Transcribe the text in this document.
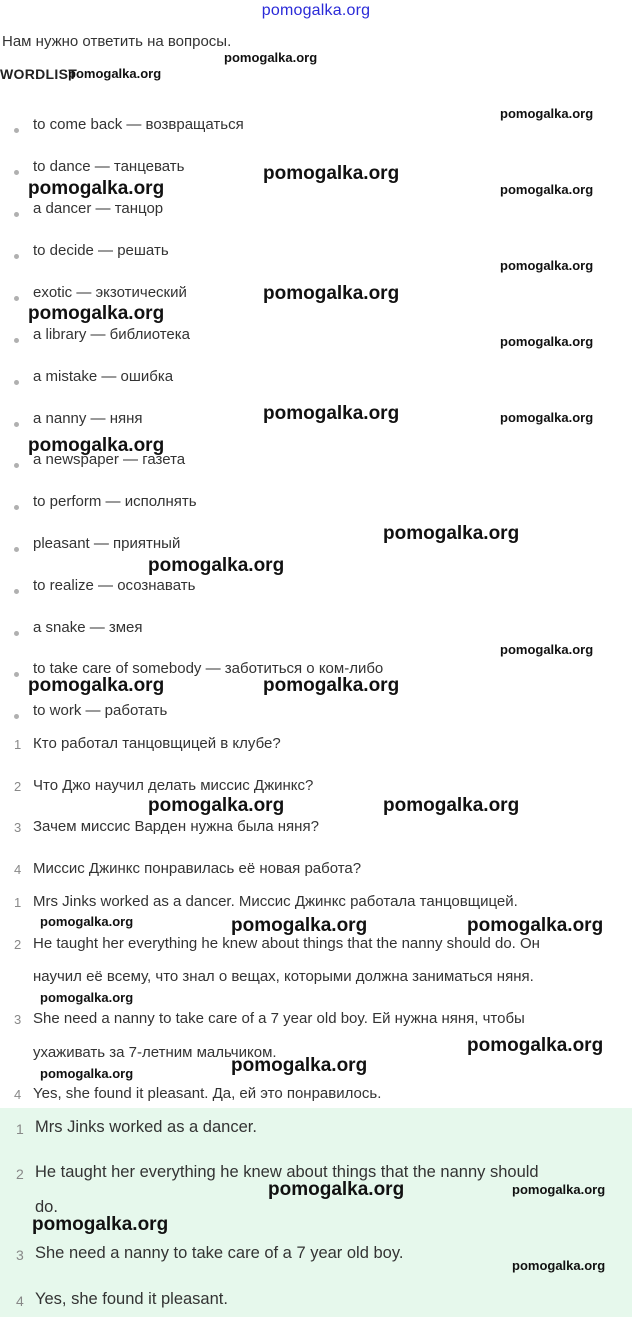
pomogalka.org
Нам нужно ответить на вопросы.
WORDLIST
to come back — возвращаться
to dance — танцевать
a dancer — танцор
to decide — решать
exotic — экзотический
a library — библиотека
a mistake — ошибка
a nanny — няня
a newspaper — газета
to perform — исполнять
pleasant — приятный
to realize — осознавать
a snake — змея
to take care of somebody — заботиться о ком-либо
to work — работать
1 Кто работал танцовщицей в клубе?
2 Что Джо научил делать миссис Джинкс?
3 Зачем миссис Варден нужна была няня?
4 Миссис Джинкс понравилась её новая работа?
1 Mrs Jinks worked as a dancer. Миссис Джинкс работала танцовщицей.
2 He taught her everything he knew about things that the nanny should do. Он
научил её всему, что знал о вещах, которыми должна заниматься няня.
3 She need a nanny to take care of a 7 year old boy. Ей нужна няня, чтобы
ухаживать за 7-летним мальчиком.
4 Yes, she found it pleasant. Да, ей это понравилось.
1 Mrs Jinks worked as a dancer.
2 He taught her everything he knew about things that the nanny should
do.
3 She need a nanny to take care of a 7 year old boy.
4 Yes, she found it pleasant.
pomogalka.org
pomogalka.org
pomogalka.org
pomogalka.org
pomogalka.org	pomogalka.org
pomogalka.org
pomogalka.org
pomogalka.org
pomogalka.org
pomogalka.org	pomogalka.org
pomogalka.org
pomogalka.org
pomogalka.org
pomogalka.org
pomogalka.org	pomogalka.org
pomogalka.org	pomogalka.org
pomogalka.org	pomogalka.org	pomogalka.org
pomogalka.org
pomogalka.org
pomogalka.org
pomogalka.org
pomogalka.org	pomogalka.org
pomogalka.org
pomogalka.org
